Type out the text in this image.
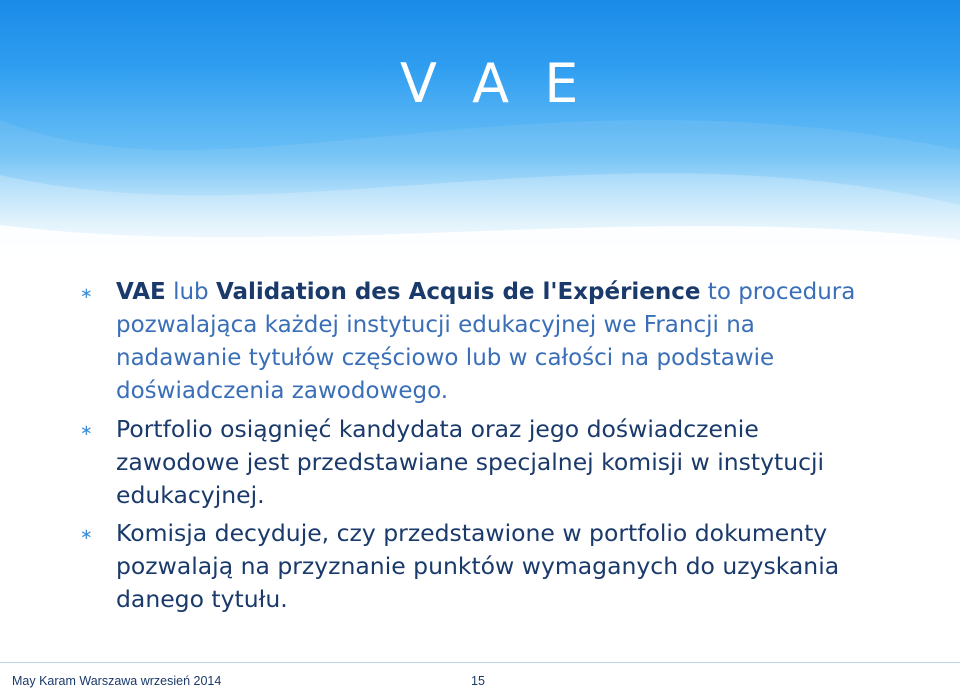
V A E
∗ VAE lub Validation des Acquis de l'Expérience to procedura pozwalająca każdej instytucji edukacyjnej we Francji na nadawanie tytułów częściowo lub w całości na podstawie doświadczenia zawodowego.
∗ Portfolio osiągnięć kandydata oraz jego doświadczenie zawodowe jest przedstawiane specjalnej komisji w instytucji edukacyjnej.
∗ Komisja decyduje, czy przedstawione w portfolio dokumenty pozwalają na przyznanie punktów wymaganych do uzyskania danego tytułu.
May Karam Warszawa wrzesień 2014	15
